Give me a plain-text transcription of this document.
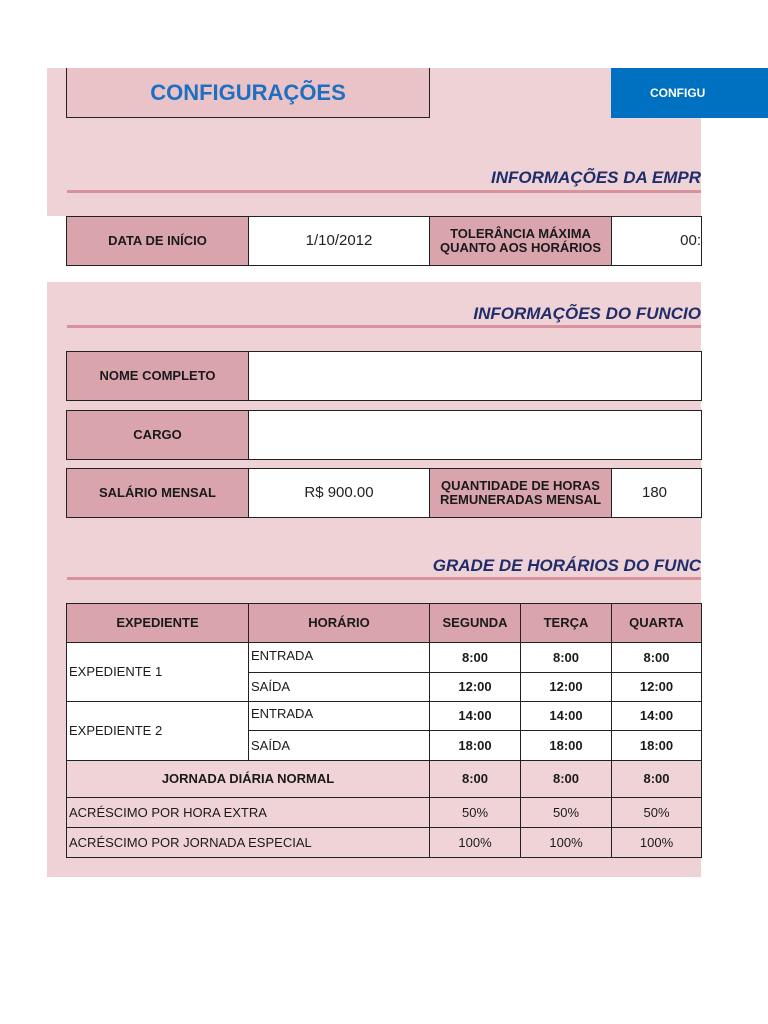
CONFIGURAÇÕES	CONFIGU
INFORMAÇÕES DA EMPR
DATA DE INÍCIO	1/10/2012	TOLERÂNCIA MÁXIMA
QUANTO AOS HORÁRIOS	00:
INFORMAÇÕES DO FUNCIO
NOME COMPLETO
CARGO
SALÁRIO MENSAL	R$ 900.00	QUANTIDADE DE HORAS
REMUNERADAS MENSAL	180
GRADE DE HORÁRIOS DO FUNC
EXPEDIENTE	HORÁRIO	SEGUNDA	TERÇA	QUARTA
EXPEDIENTE 1
ENTRADA	8:00	8:00	8:00
SAÍDA	12:00	12:00	12:00
EXPEDIENTE 2
ENTRADA	14:00	14:00	14:00
SAÍDA	18:00	18:00	18:00
JORNADA DIÁRIA NORMAL	8:00	8:00	8:00
ACRÉSCIMO POR HORA EXTRA	50%	50%	50%
ACRÉSCIMO POR JORNADA ESPECIAL	100%	100%	100%
